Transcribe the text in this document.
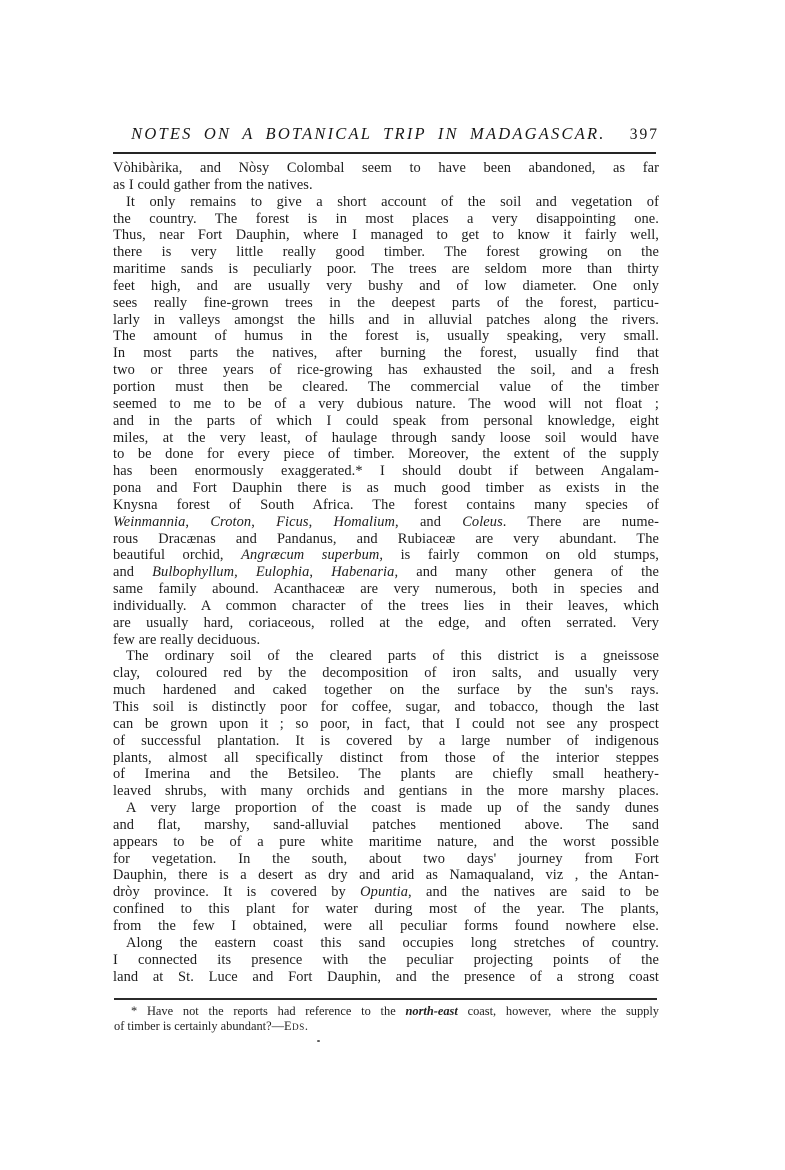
NOTES ON A BOTANICAL TRIP IN MADAGASCAR.	397
Vòhibàrika, and Nòsy Colombal seem to have been abandoned, as far
as I could gather from the natives.
It only remains to give a short account of the soil and vegetation of
the country. The forest is in most places a very disappointing one.
Thus, near Fort Dauphin, where I managed to get to know it fairly well,
there is very little really good timber. The forest growing on the
maritime sands is peculiarly poor. The trees are seldom more than thirty
feet high, and are usually very bushy and of low diameter. One only
sees really fine-grown trees in the deepest parts of the forest, particu-
larly in valleys amongst the hills and in alluvial patches along the rivers.
The amount of humus in the forest is, usually speaking, very small.
In most parts the natives, after burning the forest, usually find that
two or three years of rice-growing has exhausted the soil, and a fresh
portion must then be cleared. The commercial value of the timber
seemed to me to be of a very dubious nature. The wood will not float ;
and in the parts of which I could speak from personal knowledge, eight
miles, at the very least, of haulage through sandy loose soil would have
to be done for every piece of timber. Moreover, the extent of the supply
has been enormously exaggerated.* I should doubt if between Angalam-
pona and Fort Dauphin there is as much good timber as exists in the
Knysna forest of South Africa. The forest contains many species of
Weinmannia, Croton, Ficus, Homalium, and Coleus. There are nume-
rous Dracænas and Pandanus, and Rubiaceæ are very abundant. The
beautiful orchid, Angræcum superbum, is fairly common on old stumps,
and Bulbophyllum, Eulophia, Habenaria, and many other genera of the
same family abound. Acanthaceæ are very numerous, both in species and
individually. A common character of the trees lies in their leaves, which
are usually hard, coriaceous, rolled at the edge, and often serrated. Very
few are really deciduous.
The ordinary soil of the cleared parts of this district is a gneissose
clay, coloured red by the decomposition of iron salts, and usually very
much hardened and caked together on the surface by the sun's rays.
This soil is distinctly poor for coffee, sugar, and tobacco, though the last
can be grown upon it ; so poor, in fact, that I could not see any prospect
of successful plantation. It is covered by a large number of indigenous
plants, almost all specifically distinct from those of the interior steppes
of Imerina and the Betsileo. The plants are chiefly small heathery-
leaved shrubs, with many orchids and gentians in the more marshy places.
A very large proportion of the coast is made up of the sandy dunes
and flat, marshy, sand-alluvial patches mentioned above. The sand
appears to be of a pure white maritime nature, and the worst possible
for vegetation. In the south, about two days' journey from Fort
Dauphin, there is a desert as dry and arid as Namaqualand, viz , the Antan-
dròy province. It is covered by Opuntia, and the natives are said to be
confined to this plant for water during most of the year. The plants,
from the few I obtained, were all peculiar forms found nowhere else.
Along the eastern coast this sand occupies long stretches of country.
I connected its presence with the peculiar projecting points of the
land at St. Luce and Fort Dauphin, and the presence of a strong coast
* Have not the reports had reference to the north-east coast, however, where the supply
of timber is certainly abundant?—Eds.
